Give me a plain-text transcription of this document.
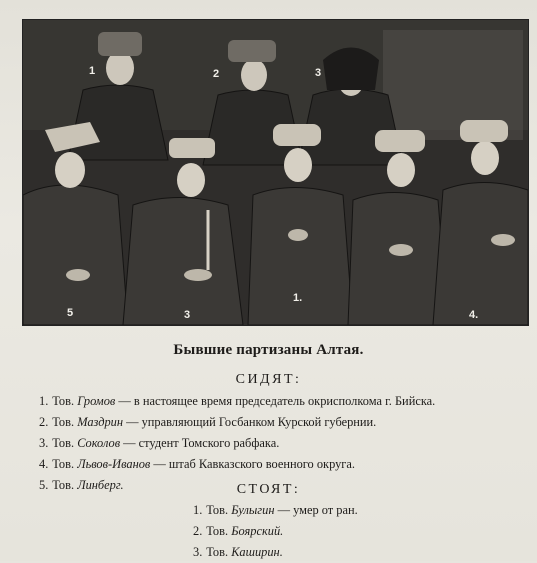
1	2	3
5	3
1.
4.
Бывшие партизаны Алтая.
СИДЯТ:
1. Тов. Громов — в настоящее время председатель окрисполкома г. Бийска.
2. Тов. Маздрин — управляющий Госбанком Курской губернии.
3. Тов. Соколов — студент Томского рабфака.
4. Тов. Львов-Иванов — штаб Кавказского военного округа.
5. Тов. Линберг.	СТОЯТ:
1. Тов. Булыгин — умер от ран.
2. Тов. Боярский.
3. Тов. Каширин.
